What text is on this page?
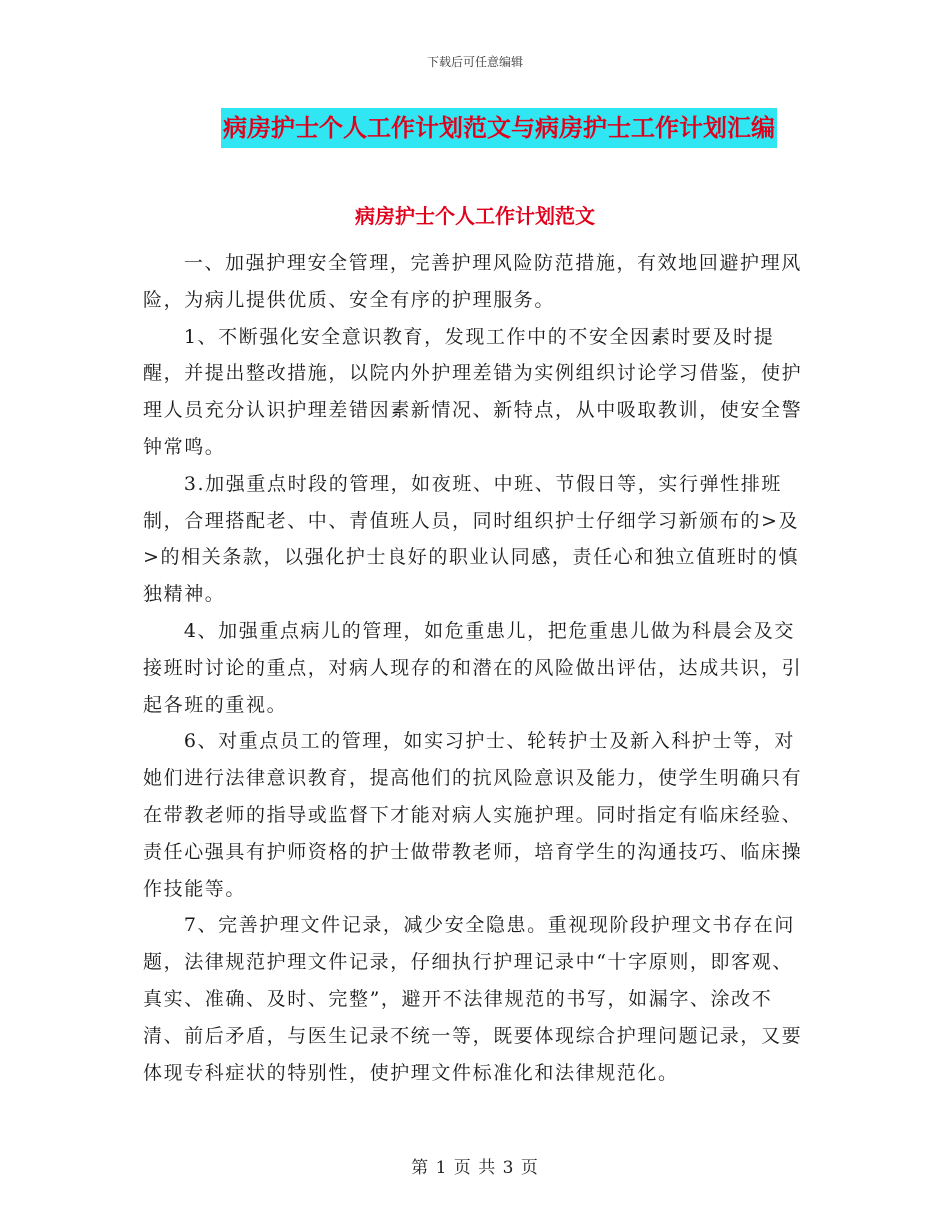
下载后可任意编辑
病房护士个人工作计划范文与病房护士工作计划汇编
病房护士个人工作计划范文

一、加强护理安全管理，完善护理风险防范措施，有效地回避护理风险，为病儿提供优质、安全有序的护理服务。

1、不断强化安全意识教育，发现工作中的不安全因素时要及时提醒，并提出整改措施，以院内外护理差错为实例组织讨论学习借鉴，使护理人员充分认识护理差错因素新情况、新特点，从中吸取教训，使安全警钟常鸣。

3.加强重点时段的管理，如夜班、中班、节假日等，实行弹性排班制，合理搭配老、中、青值班人员，同时组织护士仔细学习新颁布的>及>的相关条款，以强化护士良好的职业认同感，责任心和独立值班时的慎独精神。

4、加强重点病儿的管理，如危重患儿，把危重患儿做为科晨会及交接班时讨论的重点，对病人现存的和潜在的风险做出评估，达成共识，引起各班的重视。

6、对重点员工的管理，如实习护士、轮转护士及新入科护士等，对她们进行法律意识教育，提高他们的抗风险意识及能力，使学生明确只有在带教老师的指导或监督下才能对病人实施护理。同时指定有临床经验、责任心强具有护师资格的护士做带教老师，培育学生的沟通技巧、临床操作技能等。

7、完善护理文件记录，减少安全隐患。重视现阶段护理文书存在问题，法律规范护理文件记录，仔细执行护理记录中“十字原则，即客观、真实、准确、及时、完整”，避开不法律规范的书写，如漏字、涂改不清、前后矛盾，与医生记录不统一等，既要体现综合护理问题记录，又要体现专科症状的特别性，使护理文件标准化和法律规范化。

第 1 页 共 3 页
